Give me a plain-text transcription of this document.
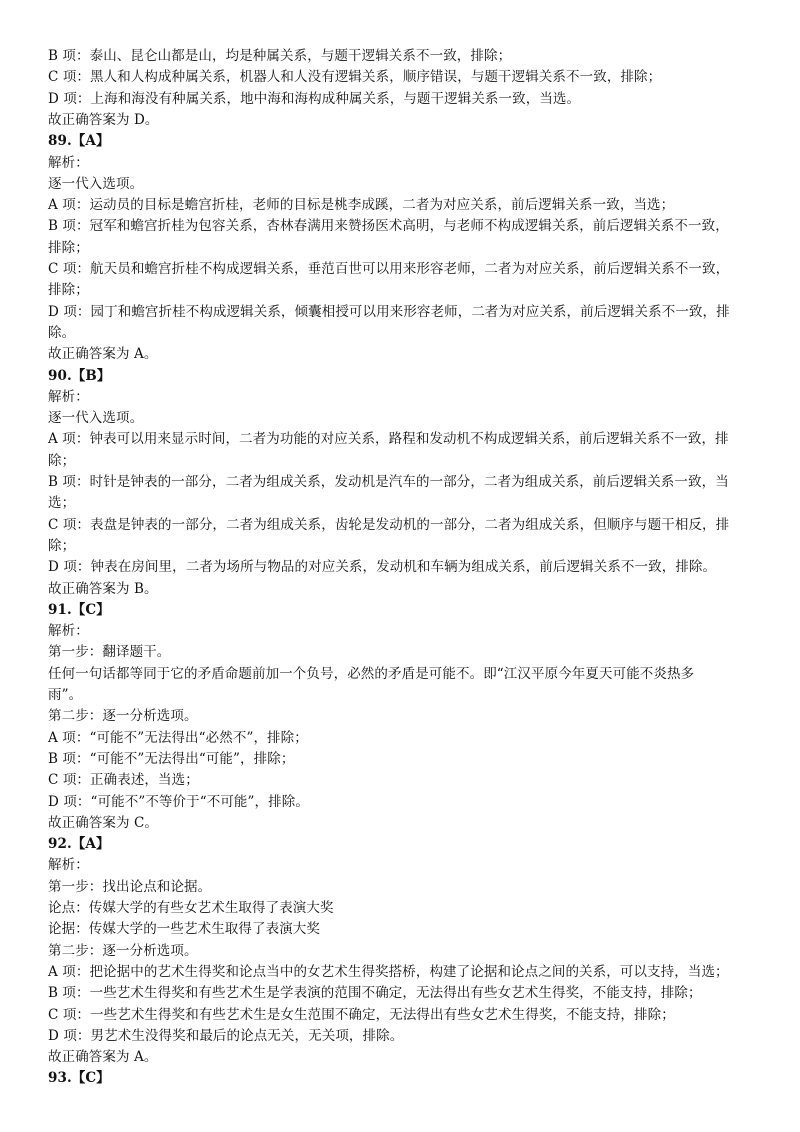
B 项：泰山、昆仑山都是山，均是种属关系，与题干逻辑关系不一致，排除；
C 项：黑人和人构成种属关系，机器人和人没有逻辑关系，顺序错误，与题干逻辑关系不一致，排除；
D 项：上海和海没有种属关系，地中海和海构成种属关系，与题干逻辑关系一致，当选。
故正确答案为 D。
89.【A】
解析：
逐一代入选项。
A 项：运动员的目标是蟾宫折桂，老师的目标是桃李成蹊，二者为对应关系，前后逻辑关系一致，当选；
B 项：冠军和蟾宫折桂为包容关系，杏林春满用来赞扬医术高明，与老师不构成逻辑关系，前后逻辑关系不一致，
排除；
C 项：航天员和蟾宫折桂不构成逻辑关系，垂范百世可以用来形容老师，二者为对应关系，前后逻辑关系不一致，
排除；
D 项：园丁和蟾宫折桂不构成逻辑关系，倾囊相授可以用来形容老师，二者为对应关系，前后逻辑关系不一致，排
除。
故正确答案为 A。
90.【B】
解析：
逐一代入选项。
A 项：钟表可以用来显示时间，二者为功能的对应关系，路程和发动机不构成逻辑关系，前后逻辑关系不一致，排
除；
B 项：时针是钟表的一部分，二者为组成关系，发动机是汽车的一部分，二者为组成关系，前后逻辑关系一致，当
选；
C 项：表盘是钟表的一部分，二者为组成关系，齿轮是发动机的一部分，二者为组成关系，但顺序与题干相反，排
除；
D 项：钟表在房间里，二者为场所与物品的对应关系，发动机和车辆为组成关系，前后逻辑关系不一致，排除。
故正确答案为 B。
91.【C】
解析：
第一步：翻译题干。
任何一句话都等同于它的矛盾命题前加一个负号，必然的矛盾是可能不。即“江汉平原今年夏天可能不炎热多
雨”。
第二步：逐一分析选项。
A 项：“可能不”无法得出“必然不”，排除；
B 项：“可能不”无法得出“可能”，排除；
C 项：正确表述，当选；
D 项：“可能不”不等价于“不可能”，排除。
故正确答案为 C。
92.【A】
解析：
第一步：找出论点和论据。
论点：传媒大学的有些女艺术生取得了表演大奖
论据：传媒大学的一些艺术生取得了表演大奖
第二步：逐一分析选项。
A 项：把论据中的艺术生得奖和论点当中的女艺术生得奖搭桥，构建了论据和论点之间的关系，可以支持，当选；
B 项：一些艺术生得奖和有些艺术生是学表演的范围不确定，无法得出有些女艺术生得奖，不能支持，排除；
C 项：一些艺术生得奖和有些艺术生是女生范围不确定，无法得出有些女艺术生得奖，不能支持，排除；
D 项：男艺术生没得奖和最后的论点无关，无关项，排除。
故正确答案为 A。
93.【C】
